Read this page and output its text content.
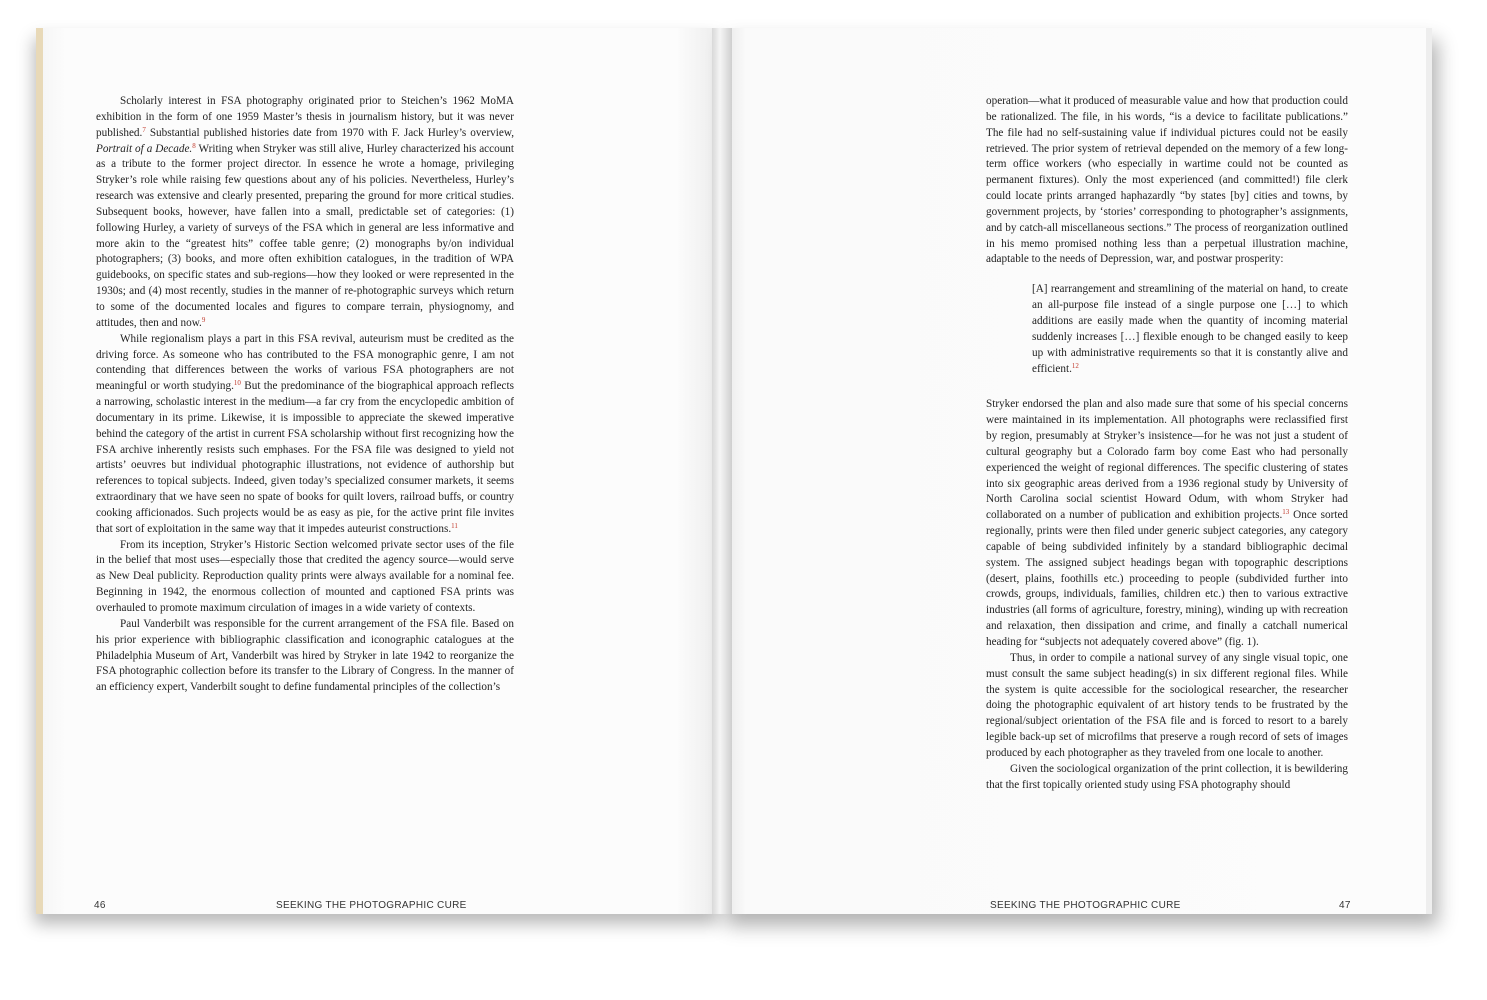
Scholarly interest in FSA photography originated prior to Steichen’s 1962 MoMA exhibition in the form of one 1959 Master’s thesis in journalism history, but it was never published.$^7$ Substantial published histories date from 1970 with F. Jack Hurley’s overview, Portrait of a Decade.$^8$ Writing when Stryker was still alive, Hurley characterized his account as a tribute to the former project director. In essence he wrote a homage, privileging Stryker’s role while raising few questions about any of his policies. Nevertheless, Hurley’s research was extensive and clearly presented, preparing the ground for more critical studies. Subsequent books, however, have fallen into a small, predictable set of categories: (1) following Hurley, a variety of surveys of the FSA which in general are less informative and more akin to the “greatest hits” coffee table genre; (2) monographs by/on individual photographers; (3) books, and more often exhibition catalogues, in the tradition of WPA guidebooks, on specific states and sub-regions—how they looked or were represented in the 1930s; and (4) most recently, studies in the manner of re-photographic surveys which return to some of the documented locales and figures to compare terrain, physiognomy, and attitudes, then and now.$^9$

While regionalism plays a part in this FSA revival, auteurism must be credited as the driving force. As someone who has contributed to the FSA monographic genre, I am not contending that differences between the works of various FSA photographers are not meaningful or worth studying.$^{10}$ But the predominance of the biographical approach reflects a narrowing, scholastic interest in the medium—a far cry from the encyclopedic ambition of documentary in its prime. Likewise, it is impossible to appreciate the skewed imperative behind the category of the artist in current FSA scholarship without first recognizing how the FSA archive inherently resists such emphases. For the FSA file was designed to yield not artists’ oeuvres but individual photographic illustrations, not evidence of authorship but references to topical subjects. Indeed, given today’s specialized consumer markets, it seems extraordinary that we have seen no spate of books for quilt lovers, railroad buffs, or country cooking afficionados. Such projects would be as easy as pie, for the active print file invites that sort of exploitation in the same way that it impedes auteurist constructions.$^{11}$

From its inception, Stryker’s Historic Section welcomed private sector uses of the file in the belief that most uses—especially those that credited the agency source—would serve as New Deal publicity. Reproduction quality prints were always available for a nominal fee. Beginning in 1942, the enormous collection of mounted and captioned FSA prints was overhauled to promote maximum circulation of images in a wide variety of contexts.

Paul Vanderbilt was responsible for the current arrangement of the FSA file. Based on his prior experience with bibliographic classification and iconographic catalogues at the Philadelphia Museum of Art, Vanderbilt was hired by Stryker in late 1942 to reorganize the FSA photographic collection before its transfer to the Library of Congress. In the manner of an efficiency expert, Vanderbilt sought to define fundamental principles of the collection’s

46	SEEKING THE PHOTOGRAPHIC CURE

operation—what it produced of measurable value and how that production could be rationalized. The file, in his words, “is a device to facilitate publications.” The file had no self-sustaining value if individual pictures could not be easily retrieved. The prior system of retrieval depended on the memory of a few long-term office workers (who especially in wartime could not be counted as permanent fixtures). Only the most experienced (and committed!) file clerk could locate prints arranged haphazardly “by states [by] cities and towns, by government projects, by ‘stories’ corresponding to photographer’s assignments, and by catch-all miscellaneous sections.” The process of reorganization outlined in his memo promised nothing less than a perpetual illustration machine, adaptable to the needs of Depression, war, and postwar prosperity:

[A] rearrangement and streamlining of the material on hand, to create an all-purpose file instead of a single purpose one […] to which additions are easily made when the quantity of incoming material suddenly increases […] flexible enough to be changed easily to keep up with administrative requirements so that it is constantly alive and efficient.$^{12}$

Stryker endorsed the plan and also made sure that some of his special concerns were maintained in its implementation. All photographs were reclassified first by region, presumably at Stryker’s insistence—for he was not just a student of cultural geography but a Colorado farm boy come East who had personally experienced the weight of regional differences. The specific clustering of states into six geographic areas derived from a 1936 regional study by University of North Carolina social scientist Howard Odum, with whom Stryker had collaborated on a number of publication and exhibition projects.$^{13}$ Once sorted regionally, prints were then filed under generic subject categories, any category capable of being subdivided infinitely by a standard bibliographic decimal system. The assigned subject headings began with topographic descriptions (desert, plains, foothills etc.) proceeding to people (subdivided further into crowds, groups, individuals, families, children etc.) then to various extractive industries (all forms of agriculture, forestry, mining), winding up with recreation and relaxation, then dissipation and crime, and finally a catchall numerical heading for “subjects not adequately covered above” (fig. 1).

Thus, in order to compile a national survey of any single visual topic, one must consult the same subject heading(s) in six different regional files. While the system is quite accessible for the sociological researcher, the researcher doing the photographic equivalent of art history tends to be frustrated by the regional/subject orientation of the FSA file and is forced to resort to a barely legible back-up set of microfilms that preserve a rough record of sets of images produced by each photographer as they traveled from one locale to another.

Given the sociological organization of the print collection, it is bewildering that the first topically oriented study using FSA photography should

SEEKING THE PHOTOGRAPHIC CURE	47
